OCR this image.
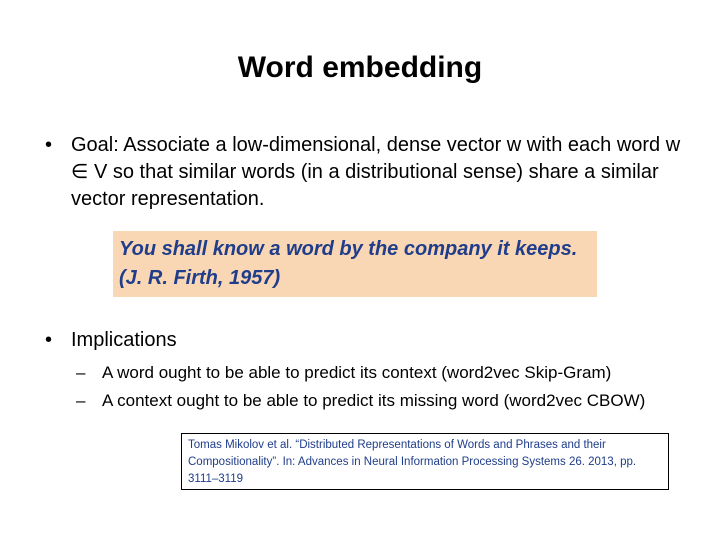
Word embedding
• Goal: Associate a low-dimensional, dense vector w with each word w ∈ V so that similar words (in a distributional sense) share a similar vector representation.
You shall know a word by the company it keeps.
(J. R. Firth, 1957)
• Implications
– A word ought to be able to predict its context (word2vec Skip-Gram)
– A context ought to be able to predict its missing word (word2vec CBOW)
Tomas Mikolov et al. “Distributed Representations of Words and Phrases and their Compositionality”. In: Advances in Neural Information Processing Systems 26. 2013, pp. 3111–3119
